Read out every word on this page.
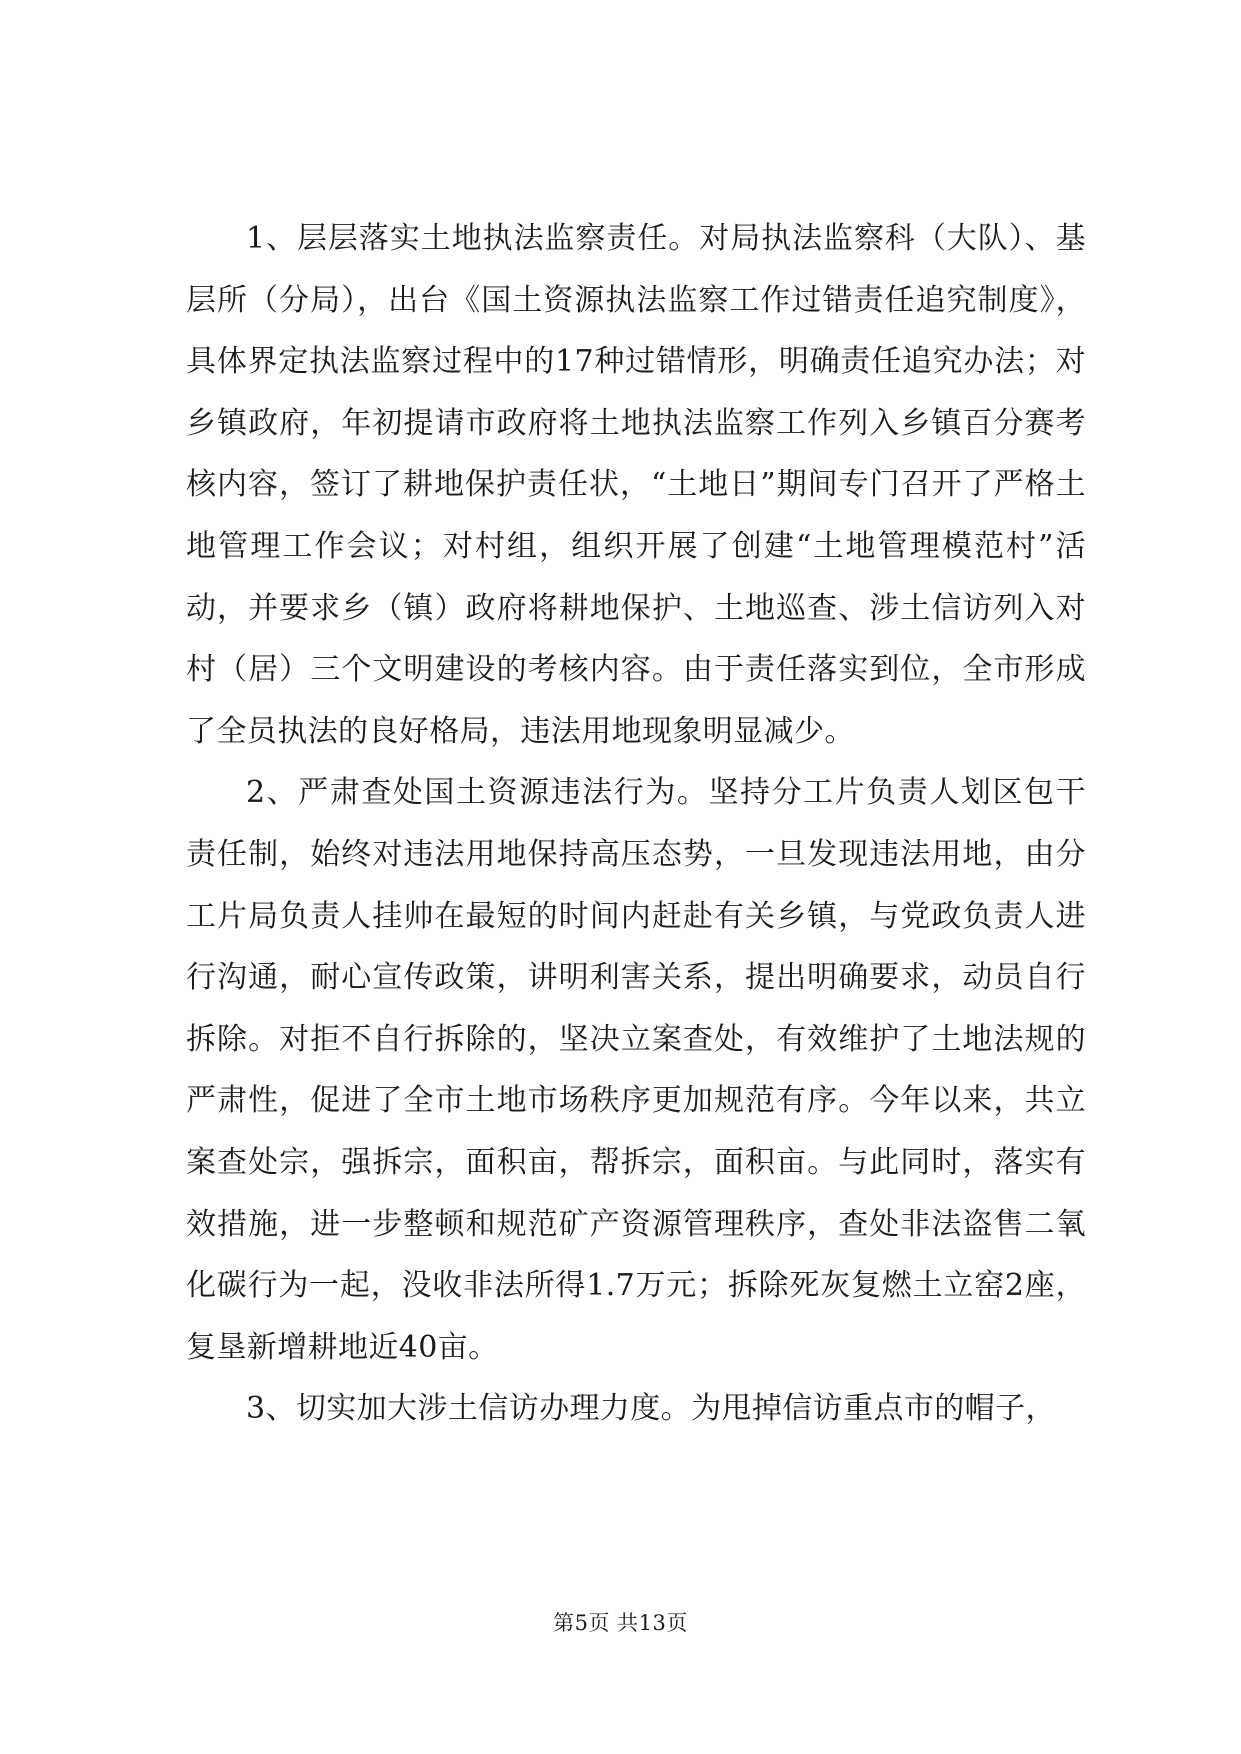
1、层层落实土地执法监察责任。对局执法监察科（大队）、基层所（分局），出台《国土资源执法监察工作过错责任追究制度》，具体界定执法监察过程中的17种过错情形，明确责任追究办法；对乡镇政府，年初提请市政府将土地执法监察工作列入乡镇百分赛考核内容，签订了耕地保护责任状，“土地日”期间专门召开了严格土地管理工作会议；对村组，组织开展了创建“土地管理模范村”活动，并要求乡（镇）政府将耕地保护、土地巡查、涉土信访列入对村（居）三个文明建设的考核内容。由于责任落实到位，全市形成了全员执法的良好格局，违法用地现象明显减少。

2、严肃查处国土资源违法行为。坚持分工片负责人划区包干责任制，始终对违法用地保持高压态势，一旦发现违法用地，由分工片局负责人挂帅在最短的时间内赶赴有关乡镇，与党政负责人进行沟通，耐心宣传政策，讲明利害关系，提出明确要求，动员自行拆除。对拒不自行拆除的，坚决立案查处，有效维护了土地法规的严肃性，促进了全市土地市场秩序更加规范有序。今年以来，共立案查处宗，强拆宗，面积亩，帮拆宗，面积亩。与此同时，落实有效措施，进一步整顿和规范矿产资源管理秩序，查处非法盗售二氧化碳行为一起，没收非法所得1.7万元；拆除死灰复燃土立窑2座，复垦新增耕地近40亩。

3、切实加大涉土信访办理力度。为甩掉信访重点市的帽子，

第5页 共13页
